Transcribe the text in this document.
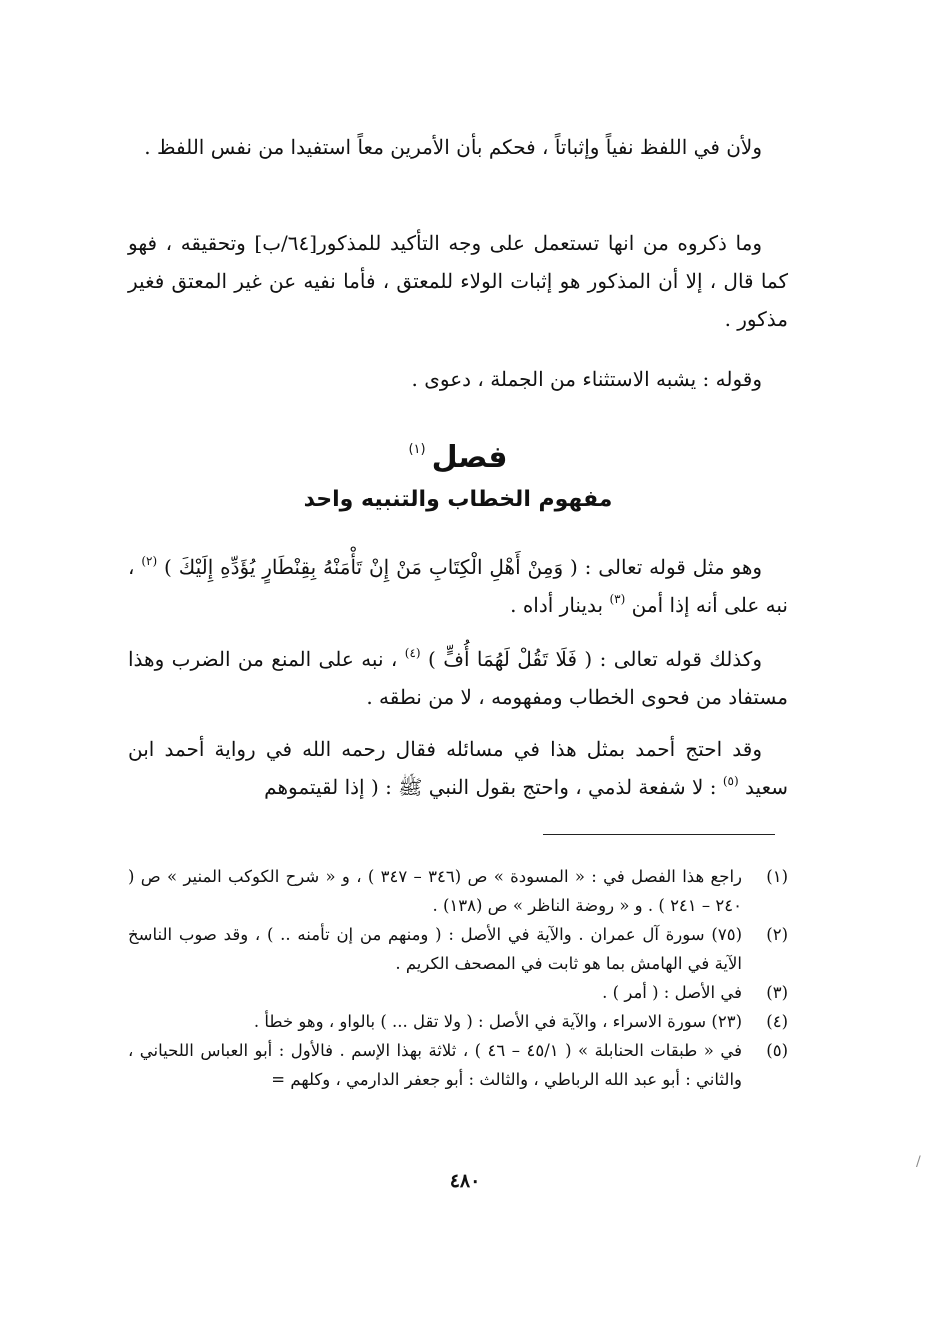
ولأن في اللفظ نفياً وإثباتاً ، فحكم بأن الأمرين معاً استفيدا من نفس اللفظ .

وما ذكروه من انها تستعمل على وجه التأكيد للمذكور[٦٤/ب] وتحقيقه ، فهو كما قال ، إلا أن المذكور هو إثبات الولاء للمعتق ، فأما نفيه عن غير المعتق فغير مذكور .

وقوله : يشبه الاستثناء من الجملة ، دعوى .

فصل$^{(١)}$
مفهوم الخطاب والتنبيه واحد

وهو مثل قوله تعالى : ( وَمِنْ أَهْلِ الْكِتَابِ مَنْ إِنْ تَأْمَنْهُ بِقِنْطَارٍ يُؤَدِّهِ إِلَيْكَ ) $^{(٢)}$ ، نبه على أنه إذا أمن $^{(٣)}$ بدينار أداه .

وكذلك قوله تعالى : ( فَلَا تَقُلْ لَهُمَا أُفٍّ ) $^{(٤)}$ ، نبه على المنع من الضرب وهذا مستفاد من فحوى الخطاب ومفهومه ، لا من نطقه .

وقد احتج أحمد بمثل هذا في مسائله فقال رحمه الله في رواية أحمد ابن سعيد $^{(٥)}$ : لا شفعة لذمي ، واحتج بقول النبي ﷺ : ( إذا لقيتموهم

(١)
راجع هذا الفصل في : « المسودة » ص (٣٤٦ – ٣٤٧ ) ، و « شرح الكوكب المنير » ص ( ٢٤٠ – ٢٤١ ) . و « روضة الناظر » ص (١٣٨) .
(٢)
(٧٥) سورة آل عمران . والآية في الأصل : ( ومنهم من إن تأمنه .. ) ، وقد صوب الناسخ الآية في الهامش بما هو ثابت في المصحف الكريم .
(٣)
في الأصل : ( أمر ) .
(٤)
(٢٣) سورة الاسراء ، والآية في الأصل : ( ولا تقل ... ) بالواو ، وهو خطأ .
(٥)
في « طبقات الحنابلة » ( ٤٥/١ – ٤٦ ) ، ثلاثة بهذا الإسم . فالأول : أبو العباس اللحياني ، والثاني : أبو عبد الله الرباطي ، والثالث : أبو جعفر الدارمي ، وكلهم =
٤٨٠
/
